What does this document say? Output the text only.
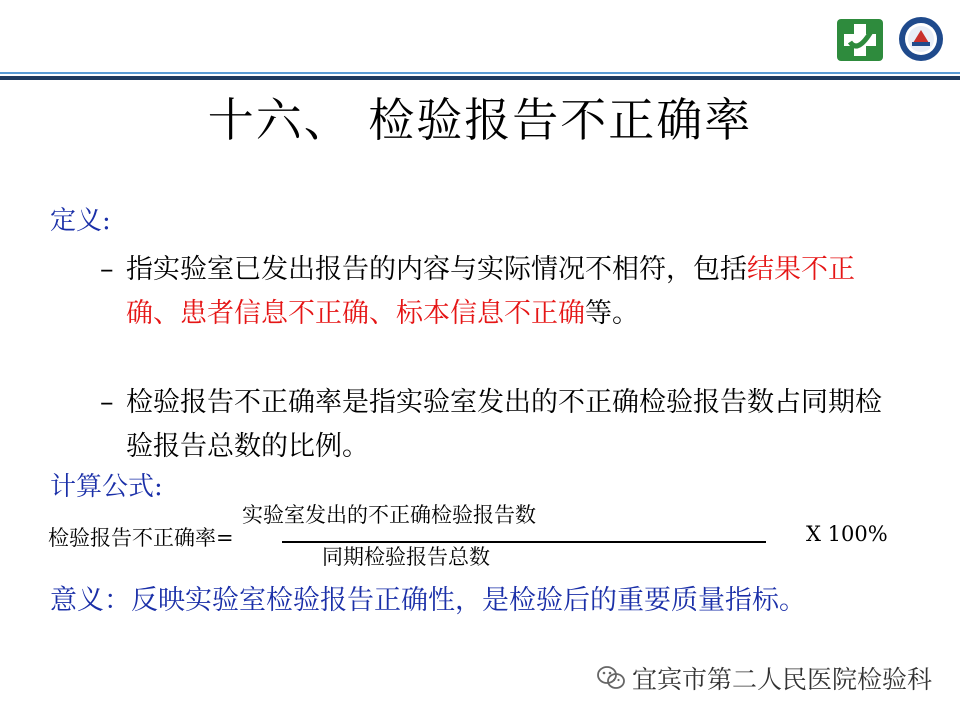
十六、 检验报告不正确率
定义:
– 指实验室已发出报告的内容与实际情况不相符，包括结果不正确、患者信息不正确、标本信息不正确等。
– 检验报告不正确率是指实验室发出的不正确检验报告数占同期检验报告总数的比例。
计算公式:
实验室发出的不正确检验报告数
检验报告不正确率=
同期检验报告总数
X 100%
意义：反映实验室检验报告正确性，是检验后的重要质量指标。
宜宾市第二人民医院检验科
